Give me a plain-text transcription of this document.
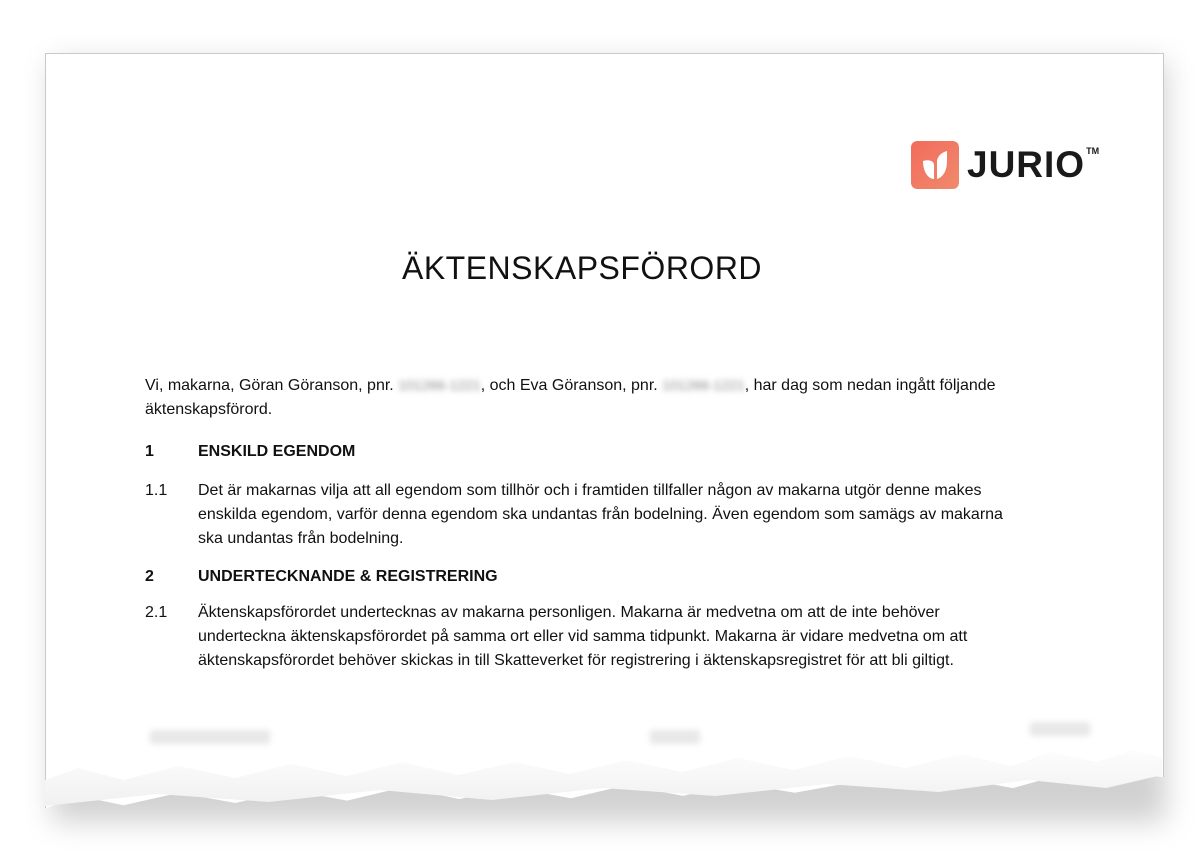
JURIO TM
ÄKTENSKAPSFÖRORD
Vi, makarna, Göran Göranson, pnr. 101266-1221, och Eva Göranson, pnr. 101266-1221, har dag som nedan ingått följande äktenskapsförord.
1	ENSKILD EGENDOM
1.1 Det är makarnas vilja att all egendom som tillhör och i framtiden tillfaller någon av makarna utgör denne makes enskilda egendom, varför denna egendom ska undantas från bodelning. Även egendom som samägs av makarna ska undantas från bodelning.
2	UNDERTECKNANDE & REGISTRERING
2.1 Äktenskapsförordet undertecknas av makarna personligen. Makarna är medvetna om att de inte behöver underteckna äktenskapsförordet på samma ort eller vid samma tidpunkt. Makarna är vidare medvetna om att äktenskapsförordet behöver skickas in till Skatteverket för registrering i äktenskapsregistret för att bli giltigt.
